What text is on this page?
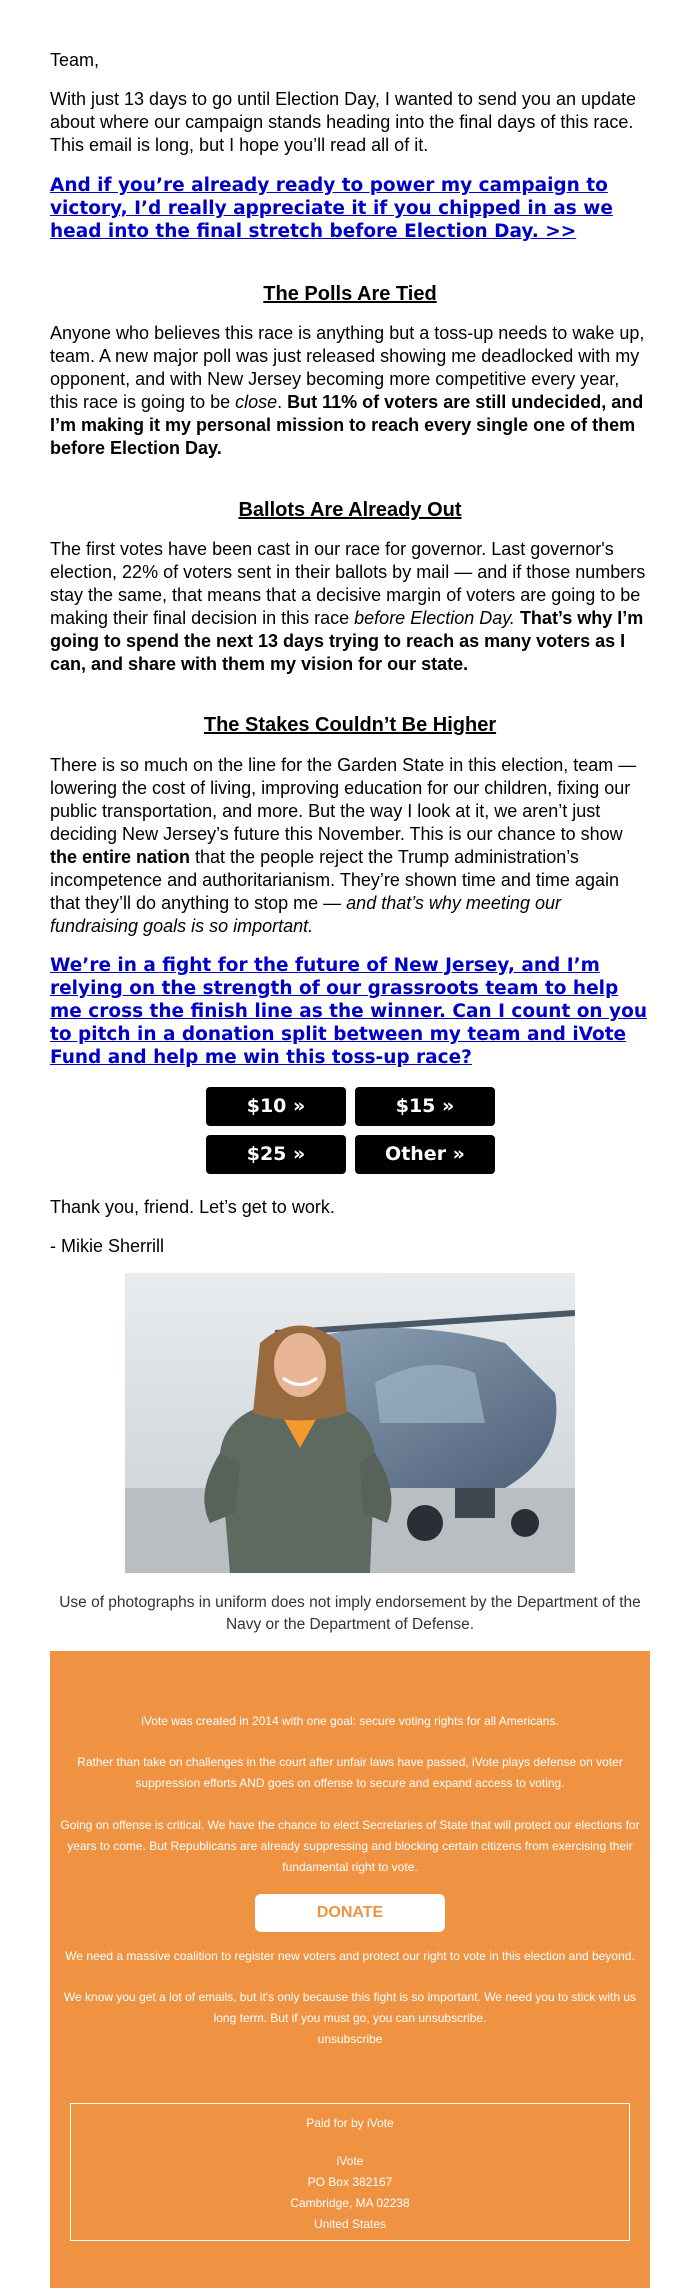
Team,

With just 13 days to go until Election Day, I wanted to send you an update about where our campaign stands heading into the final days of this race. This email is long, but I hope you’ll read all of it.

And if you’re already ready to power my campaign to victory, I’d really appreciate it if you chipped in as we head into the final stretch before Election Day. >>
The Polls Are Tied

Anyone who believes this race is anything but a toss-up needs to wake up, team. A new major poll was just released showing me deadlocked with my opponent, and with New Jersey becoming more competitive every year, this race is going to be close. But 11% of voters are still undecided, and I’m making it my personal mission to reach every single one of them before Election Day.

Ballots Are Already Out

The first votes have been cast in our race for governor. Last governor's election, 22% of voters sent in their ballots by mail — and if those numbers stay the same, that means that a decisive margin of voters are going to be making their final decision in this race before Election Day. That’s why I’m going to spend the next 13 days trying to reach as many voters as I can, and share with them my vision for our state.

The Stakes Couldn’t Be Higher

There is so much on the line for the Garden State in this election, team — lowering the cost of living, improving education for our children, fixing our public transportation, and more. But the way I look at it, we aren’t just deciding New Jersey’s future this November. This is our chance to show the entire nation that the people reject the Trump administration’s incompetence and authoritarianism. They’re shown time and time again that they’ll do anything to stop me — and that’s why meeting our fundraising goals is so important.

We’re in a fight for the future of New Jersey, and I’m relying on the strength of our grassroots team to help me cross the finish line as the winner. Can I count on you to pitch in a donation split between my team and iVote Fund and help me win this toss-up race?
$10 »	$15 »
$25 »	Other »

Thank you, friend. Let’s get to work.

- Mikie Sherrill

Use of photographs in uniform does not imply endorsement by the Department of the Navy or the Department of Defense.

iVote was created in 2014 with one goal: secure voting rights for all Americans.

Rather than take on challenges in the court after unfair laws have passed, iVote plays defense on voter suppression efforts AND goes on offense to secure and expand access to voting.

Going on offense is critical. We have the chance to elect Secretaries of State that will protect our elections for years to come. But Republicans are already suppressing and blocking certain citizens from exercising their fundamental right to vote.

DONATE

We need a massive coalition to register new voters and protect our right to vote in this election and beyond.

We know you get a lot of emails, but it's only because this fight is so important. We need you to stick with us long term. But if you must go, you can unsubscribe.

unsubscribe

Paid for by iVote

iVote

PO Box 382167

Cambridge, MA 02238

United States
